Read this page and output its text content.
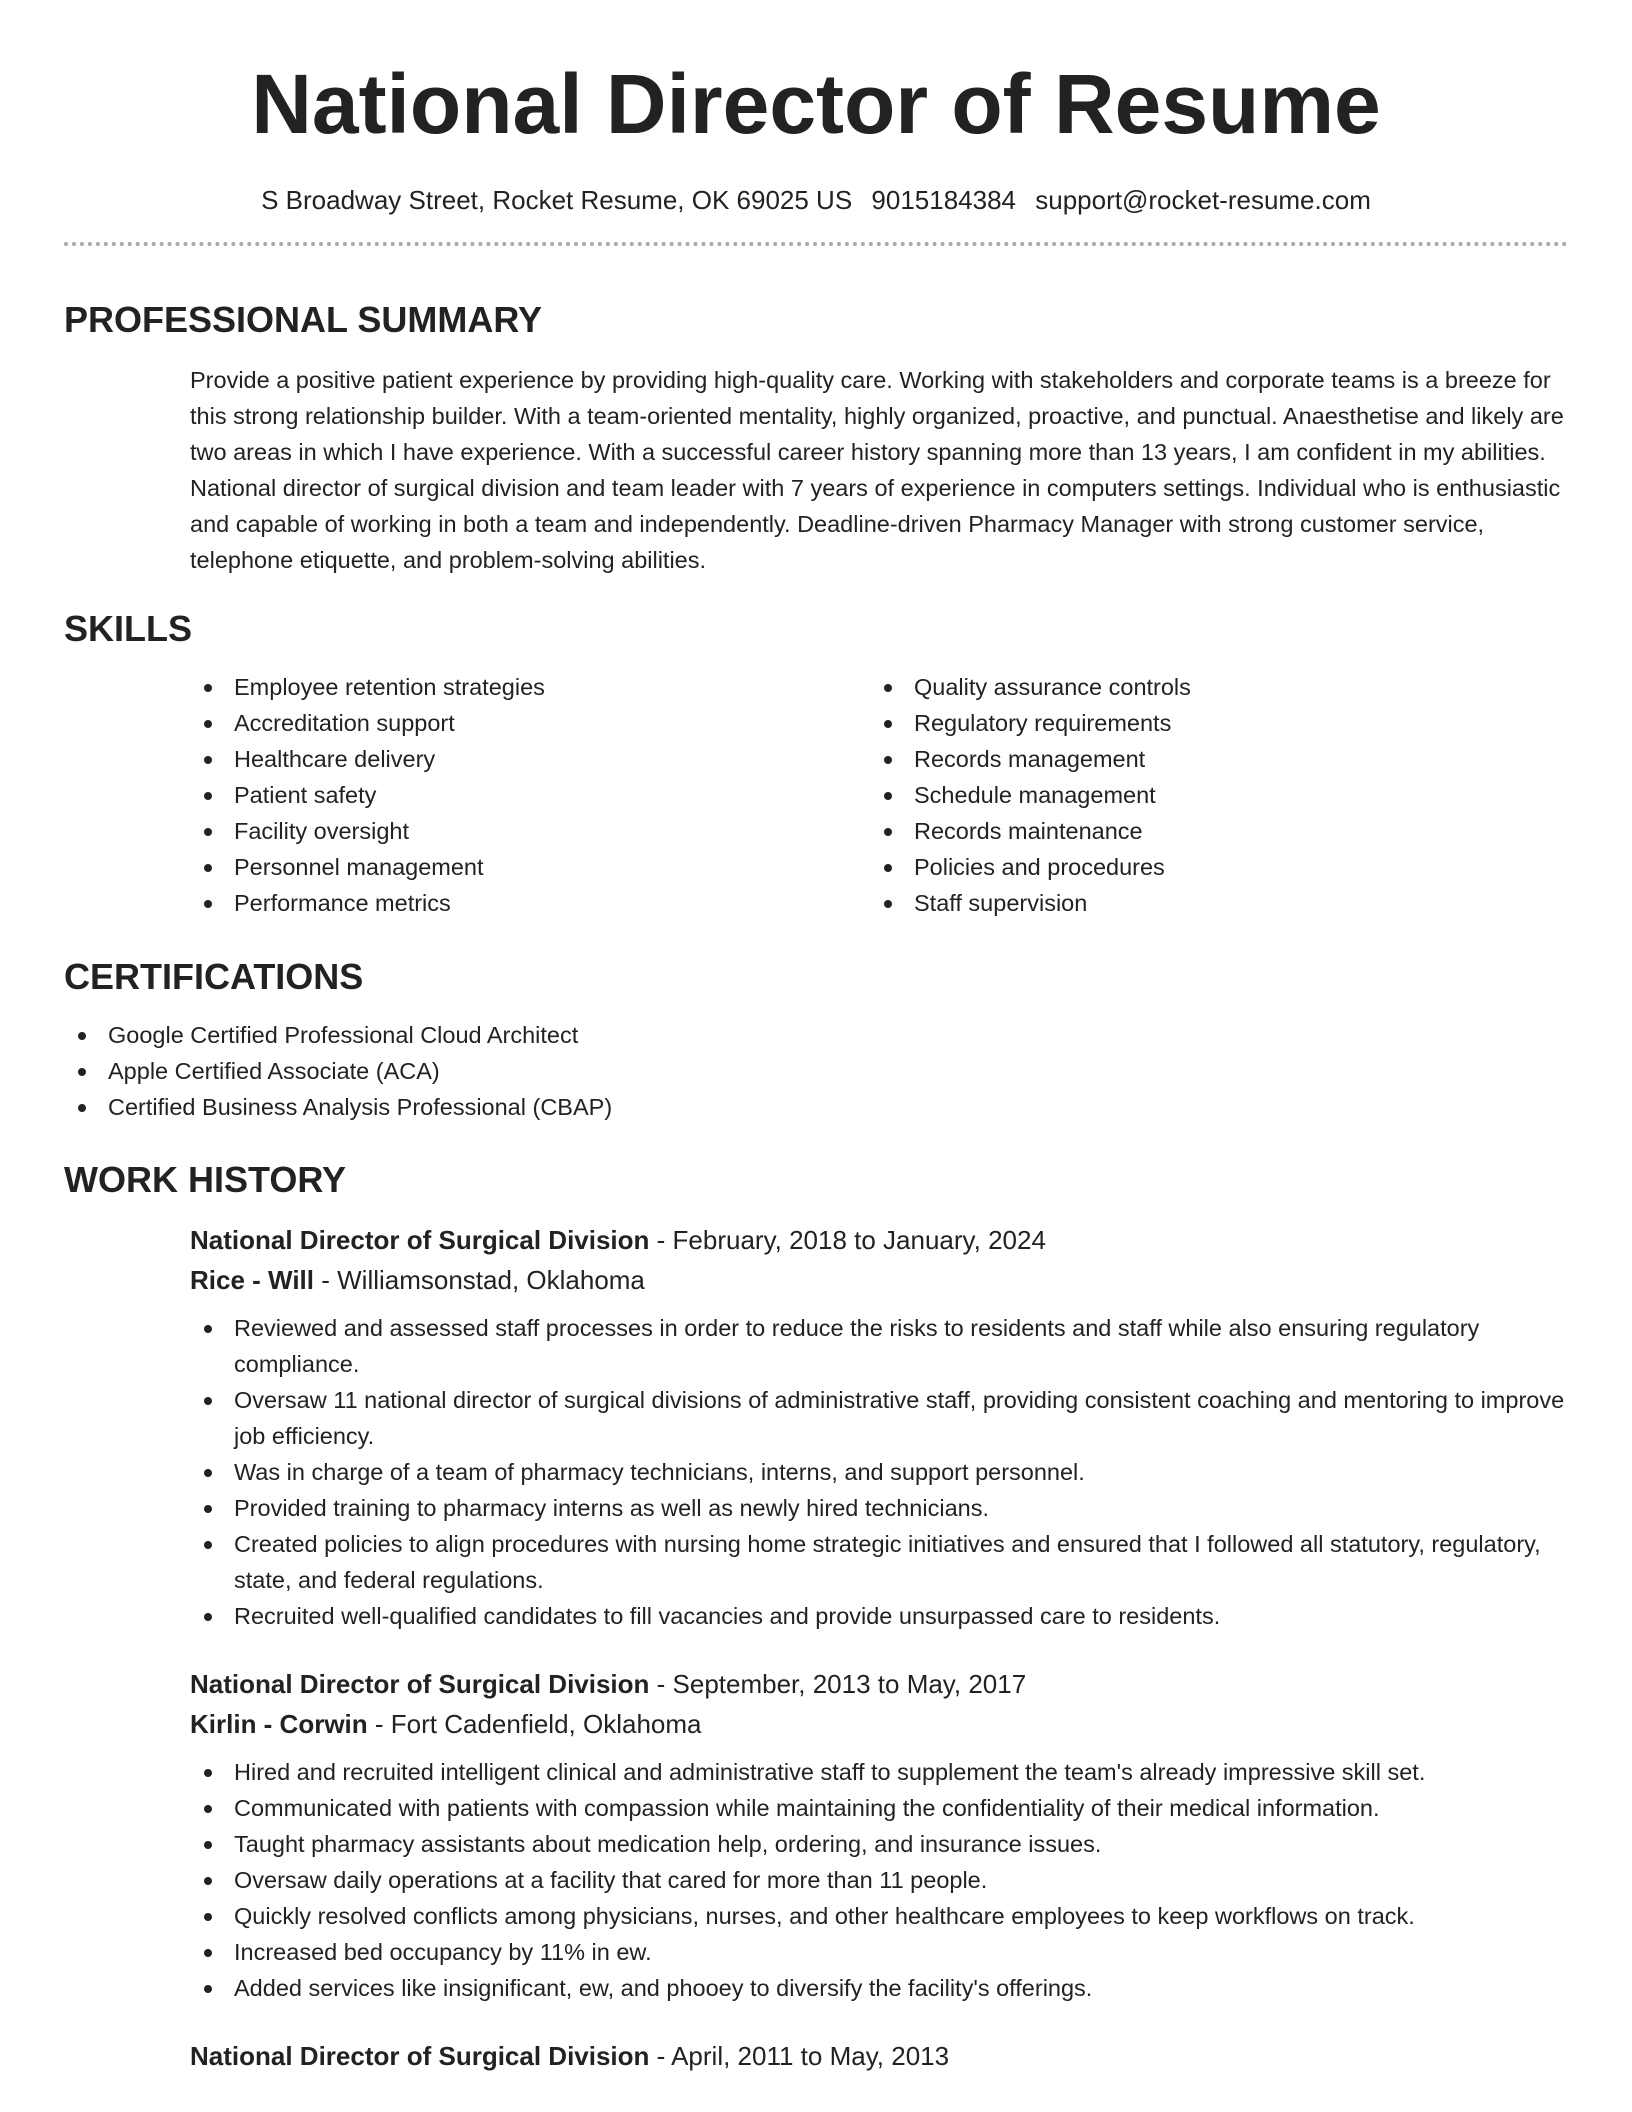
National Director of Resume
S Broadway Street, Rocket Resume, OK 69025 US 9015184384 support@rocket-resume.com
PROFESSIONAL SUMMARY
Provide a positive patient experience by providing high-quality care. Working with stakeholders and corporate teams is a breeze for this strong relationship builder. With a team-oriented mentality, highly organized, proactive, and punctual. Anaesthetise and likely are two areas in which I have experience. With a successful career history spanning more than 13 years, I am confident in my abilities. National director of surgical division and team leader with 7 years of experience in computers settings. Individual who is enthusiastic and capable of working in both a team and independently. Deadline-driven Pharmacy Manager with strong customer service, telephone etiquette, and problem-solving abilities.
SKILLS
Employee retention strategies
Accreditation support
Healthcare delivery
Patient safety
Facility oversight
Personnel management
Performance metrics
Quality assurance controls
Regulatory requirements
Records management
Schedule management
Records maintenance
Policies and procedures
Staff supervision
CERTIFICATIONS
Google Certified Professional Cloud Architect
Apple Certified Associate (ACA)
Certified Business Analysis Professional (CBAP)
WORK HISTORY
National Director of Surgical Division - February, 2018 to January, 2024
Rice - Will - Williamsonstad, Oklahoma
Reviewed and assessed staff processes in order to reduce the risks to residents and staff while also ensuring regulatory compliance.
Oversaw 11 national director of surgical divisions of administrative staff, providing consistent coaching and mentoring to improve job efficiency.
Was in charge of a team of pharmacy technicians, interns, and support personnel.
Provided training to pharmacy interns as well as newly hired technicians.
Created policies to align procedures with nursing home strategic initiatives and ensured that I followed all statutory, regulatory, state, and federal regulations.
Recruited well-qualified candidates to fill vacancies and provide unsurpassed care to residents.
National Director of Surgical Division - September, 2013 to May, 2017
Kirlin - Corwin - Fort Cadenfield, Oklahoma
Hired and recruited intelligent clinical and administrative staff to supplement the team's already impressive skill set.
Communicated with patients with compassion while maintaining the confidentiality of their medical information.
Taught pharmacy assistants about medication help, ordering, and insurance issues.
Oversaw daily operations at a facility that cared for more than 11 people.
Quickly resolved conflicts among physicians, nurses, and other healthcare employees to keep workflows on track.
Increased bed occupancy by 11% in ew.
Added services like insignificant, ew, and phooey to diversify the facility's offerings.
National Director of Surgical Division - April, 2011 to May, 2013
